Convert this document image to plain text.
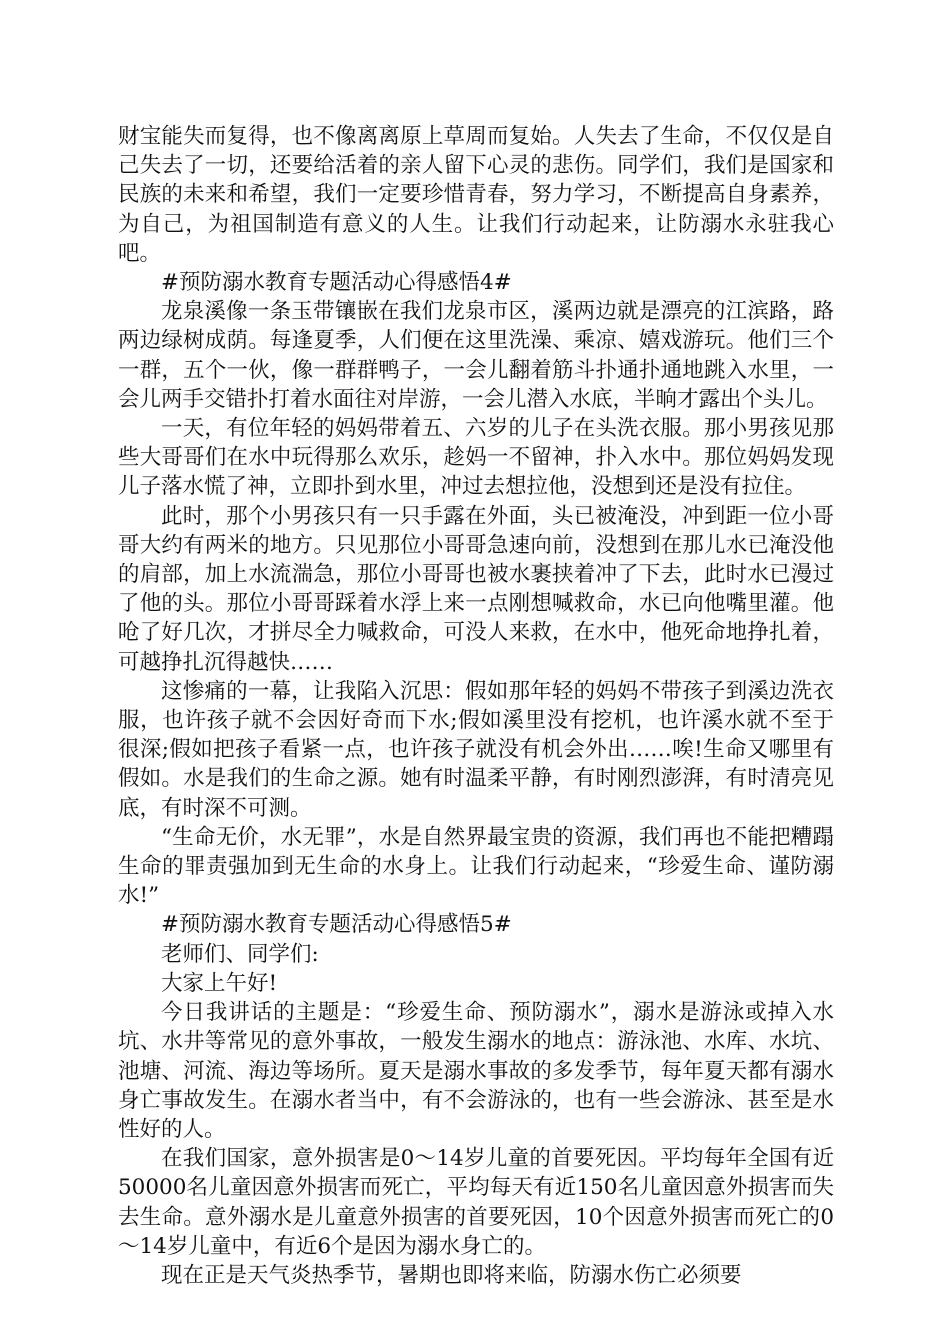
财宝能失而复得，也不像离离原上草周而复始。人失去了生命，不仅仅是自己失去了一切，还要给活着的亲人留下心灵的悲伤。同学们，我们是国家和民族的未来和希望，我们一定要珍惜青春，努力学习，不断提高自身素养，为自己，为祖国制造有意义的人生。让我们行动起来，让防溺水永驻我心吧。

#预防溺水教育专题活动心得感悟4#

龙泉溪像一条玉带镶嵌在我们龙泉市区，溪两边就是漂亮的江滨路，路两边绿树成荫。每逢夏季，人们便在这里洗澡、乘凉、嬉戏游玩。他们三个一群，五个一伙，像一群群鸭子，一会儿翻着筋斗扑通扑通地跳入水里，一会儿两手交错扑打着水面往对岸游，一会儿潜入水底，半晌才露出个头儿。

一天，有位年轻的妈妈带着五、六岁的儿子在头洗衣服。那小男孩见那些大哥哥们在水中玩得那么欢乐，趁妈一不留神，扑入水中。那位妈妈发现儿子落水慌了神，立即扑到水里，冲过去想拉他，没想到还是没有拉住。

此时，那个小男孩只有一只手露在外面，头已被淹没，冲到距一位小哥哥大约有两米的地方。只见那位小哥哥急速向前，没想到在那儿水已淹没他的肩部，加上水流湍急，那位小哥哥也被水裹挟着冲了下去，此时水已漫过了他的头。那位小哥哥踩着水浮上来一点刚想喊救命，水已向他嘴里灌。他呛了好几次，才拼尽全力喊救命，可没人来救，在水中，他死命地挣扎着，可越挣扎沉得越快……

这惨痛的一幕，让我陷入沉思：假如那年轻的妈妈不带孩子到溪边洗衣服，也许孩子就不会因好奇而下水;假如溪里没有挖机，也许溪水就不至于很深;假如把孩子看紧一点，也许孩子就没有机会外出……唉!生命又哪里有假如。水是我们的生命之源。她有时温柔平静，有时刚烈澎湃，有时清亮见底，有时深不可测。

“生命无价，水无罪”，水是自然界最宝贵的资源，我们再也不能把糟蹋生命的罪责强加到无生命的水身上。让我们行动起来，“珍爱生命、谨防溺水!”

#预防溺水教育专题活动心得感悟5#

老师们、同学们:

大家上午好!

今日我讲话的主题是：“珍爱生命、预防溺水”，溺水是游泳或掉入水坑、水井等常见的意外事故，一般发生溺水的地点：游泳池、水库、水坑、池塘、河流、海边等场所。夏天是溺水事故的多发季节，每年夏天都有溺水身亡事故发生。在溺水者当中，有不会游泳的，也有一些会游泳、甚至是水性好的人。

在我们国家，意外损害是0～14岁儿童的首要死因。平均每年全国有近50000名儿童因意外损害而死亡，平均每天有近150名儿童因意外损害而失去生命。意外溺水是儿童意外损害的首要死因，10个因意外损害而死亡的0～14岁儿童中，有近6个是因为溺水身亡的。

现在正是天气炎热季节，暑期也即将来临，防溺水伤亡必须要
